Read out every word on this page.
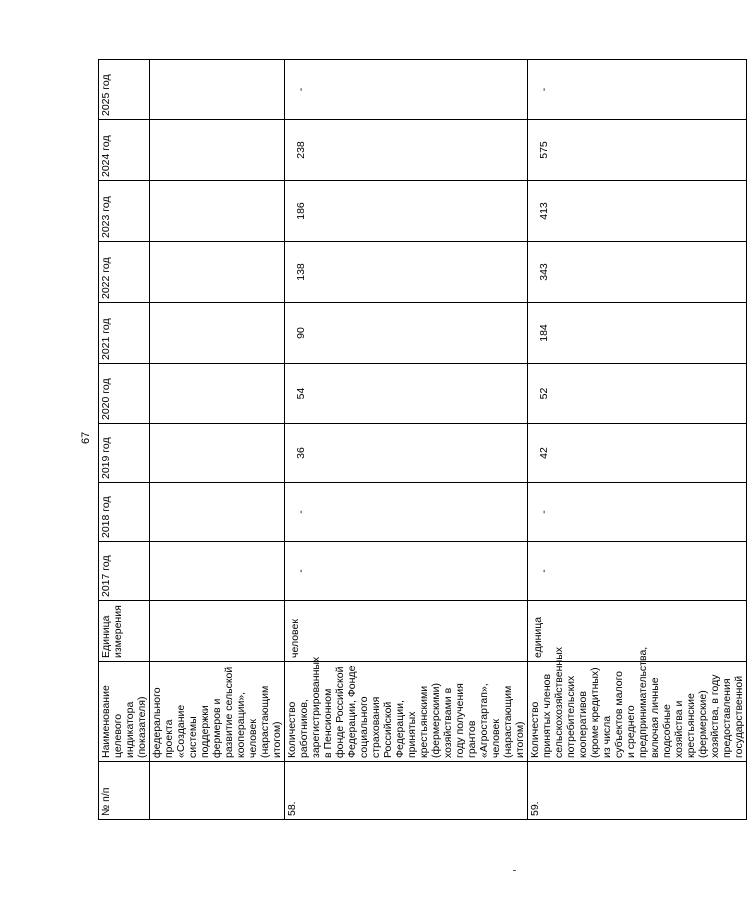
67
№ п/п	Наименование целевого индикатора (показателя)	Единица измерения	2017 год	2018 год	2019 год	2020 год	2021 год	2022 год	2023 год	2024 год	2025 год
	федерального проекта «Создание системы поддержки фермеров и развитие сельской кооперации», человек (нарастающим итогом)										
58.	Количество работников, зарегистрированных в Пенсионном фонде Российской Федерации, Фонде социального страхования Российской Федерации, принятых крестьянскими (фермерскими) хозяйствами в году получения грантов «Агростартап», человек (нарастающим итогом)	человек	-	-	36	54	90	138	186	238	-
59.	Количество принятых членов сельскохозяйственных потребительских кооперативов (кроме кредитных) из числа субъектов малого и среднего предпринимательства, включая личные подсобные хозяйства и крестьянские (фермерские) хозяйства, в году предоставления государственной	единица	-	-	42	52	184	343	413	575	-
